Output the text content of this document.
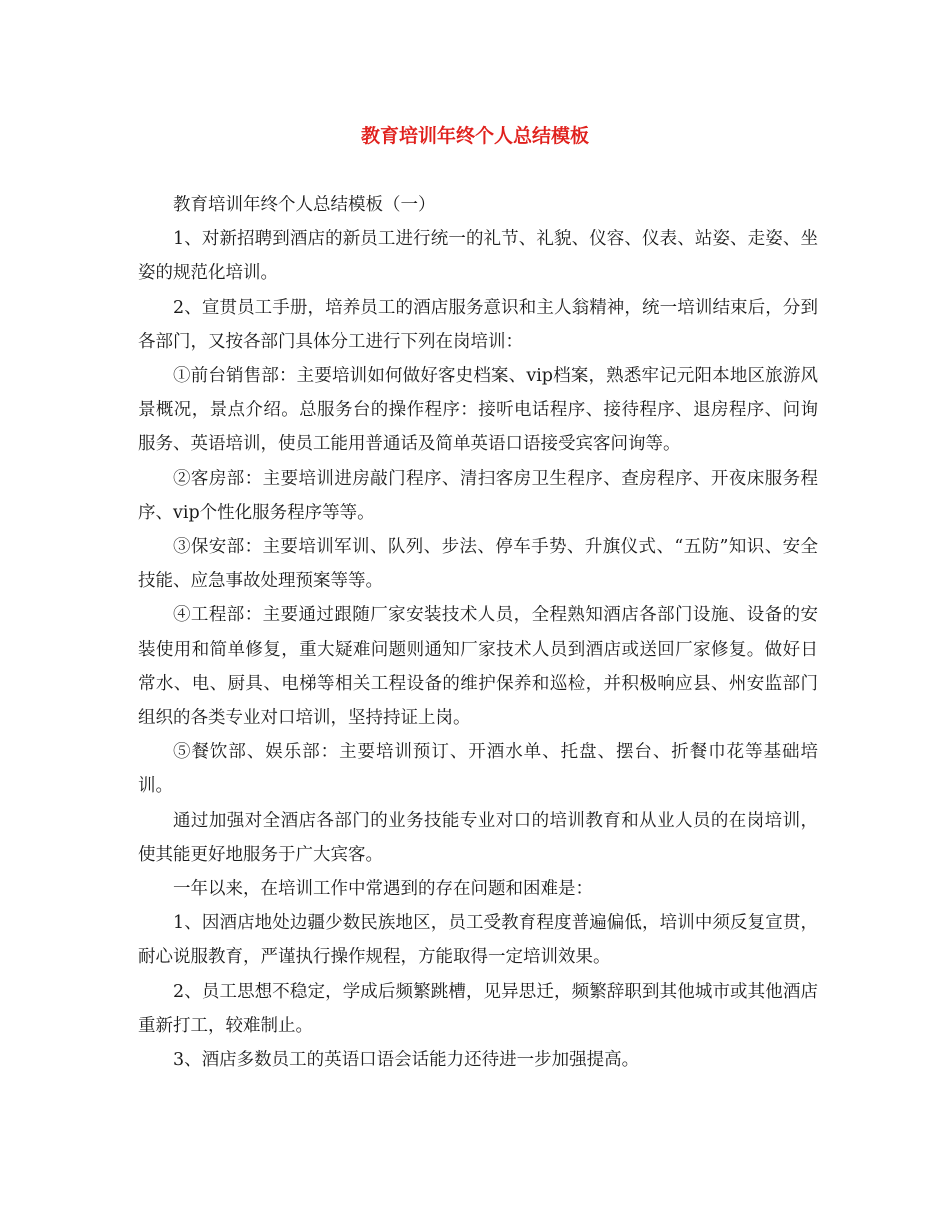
教育培训年终个人总结模板

教育培训年终个人总结模板（一）

1、对新招聘到酒店的新员工进行统一的礼节、礼貌、仪容、仪表、站姿、走姿、坐姿的规范化培训。

2、宣贯员工手册，培养员工的酒店服务意识和主人翁精神，统一培训结束后，分到各部门，又按各部门具体分工进行下列在岗培训：

①前台销售部：主要培训如何做好客史档案、vip档案，熟悉牢记元阳本地区旅游风景概况，景点介绍。总服务台的操作程序：接听电话程序、接待程序、退房程序、问询服务、英语培训，使员工能用普通话及简单英语口语接受宾客问询等。

②客房部：主要培训进房敲门程序、清扫客房卫生程序、查房程序、开夜床服务程序、vip个性化服务程序等等。

③保安部：主要培训军训、队列、步法、停车手势、升旗仪式、“五防”知识、安全技能、应急事故处理预案等等。

④工程部：主要通过跟随厂家安装技术人员，全程熟知酒店各部门设施、设备的安装使用和简单修复，重大疑难问题则通知厂家技术人员到酒店或送回厂家修复。做好日常水、电、厨具、电梯等相关工程设备的维护保养和巡检，并积极响应县、州安监部门组织的各类专业对口培训，坚持持证上岗。

⑤餐饮部、娱乐部：主要培训预订、开酒水单、托盘、摆台、折餐巾花等基础培训。

通过加强对全酒店各部门的业务技能专业对口的培训教育和从业人员的在岗培训，使其能更好地服务于广大宾客。

一年以来，在培训工作中常遇到的存在问题和困难是：

1、因酒店地处边疆少数民族地区，员工受教育程度普遍偏低，培训中须反复宣贯，耐心说服教育，严谨执行操作规程，方能取得一定培训效果。

2、员工思想不稳定，学成后频繁跳槽，见异思迁，频繁辞职到其他城市或其他酒店重新打工，较难制止。

3、酒店多数员工的英语口语会话能力还待进一步加强提高。
